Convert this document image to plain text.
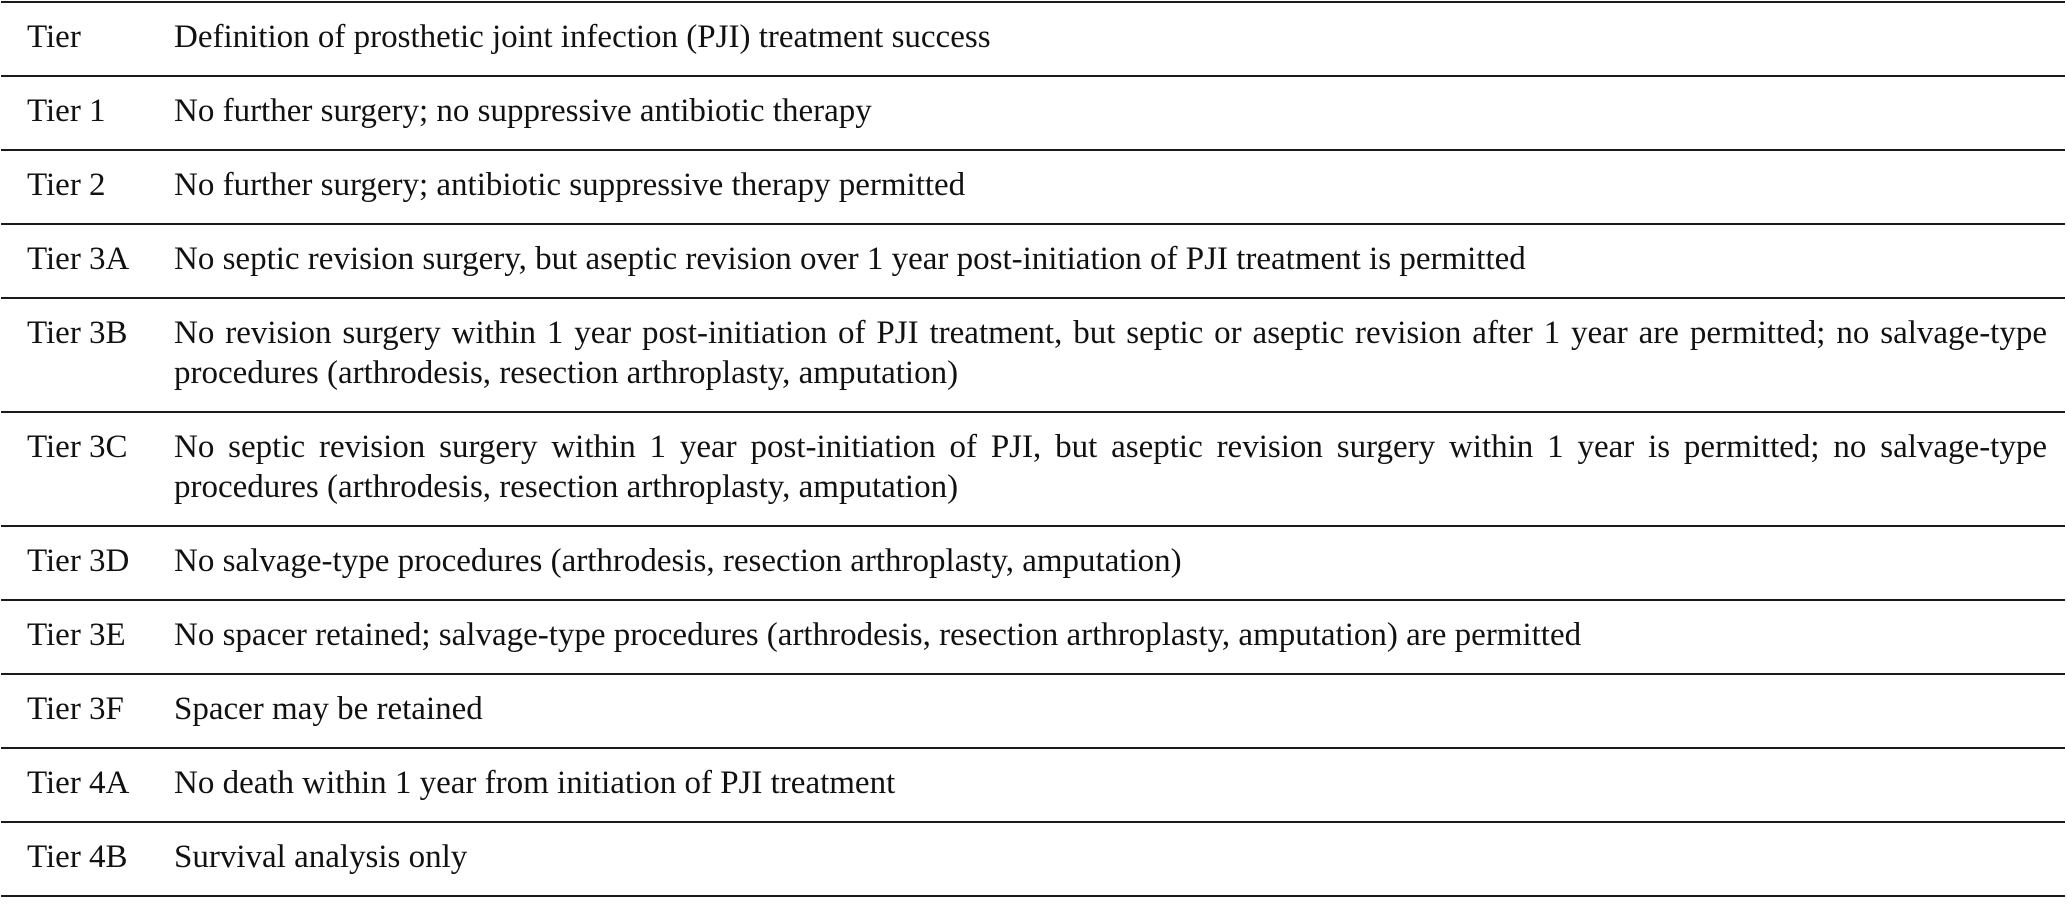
Tier	Definition of prosthetic joint infection (PJI) treatment success
Tier 1	No further surgery; no suppressive antibiotic therapy
Tier 2	No further surgery; antibiotic suppressive therapy permitted
Tier 3A	No septic revision surgery, but aseptic revision over 1 year post-initiation of PJI treatment is permitted
Tier 3B	No revision surgery within 1 year post-initiation of PJI treatment, but septic or aseptic revision after 1 year are permitted; no salvage-type procedures (arthrodesis, resection arthroplasty, amputation)
Tier 3C	No septic revision surgery within 1 year post-initiation of PJI, but aseptic revision surgery within 1 year is permitted; no salvage-type procedures (arthrodesis, resection arthroplasty, amputation)
Tier 3D	No salvage-type procedures (arthrodesis, resection arthroplasty, amputation)
Tier 3E	No spacer retained; salvage-type procedures (arthrodesis, resection arthroplasty, amputation) are permitted
Tier 3F	Spacer may be retained
Tier 4A	No death within 1 year from initiation of PJI treatment
Tier 4B	Survival analysis only
